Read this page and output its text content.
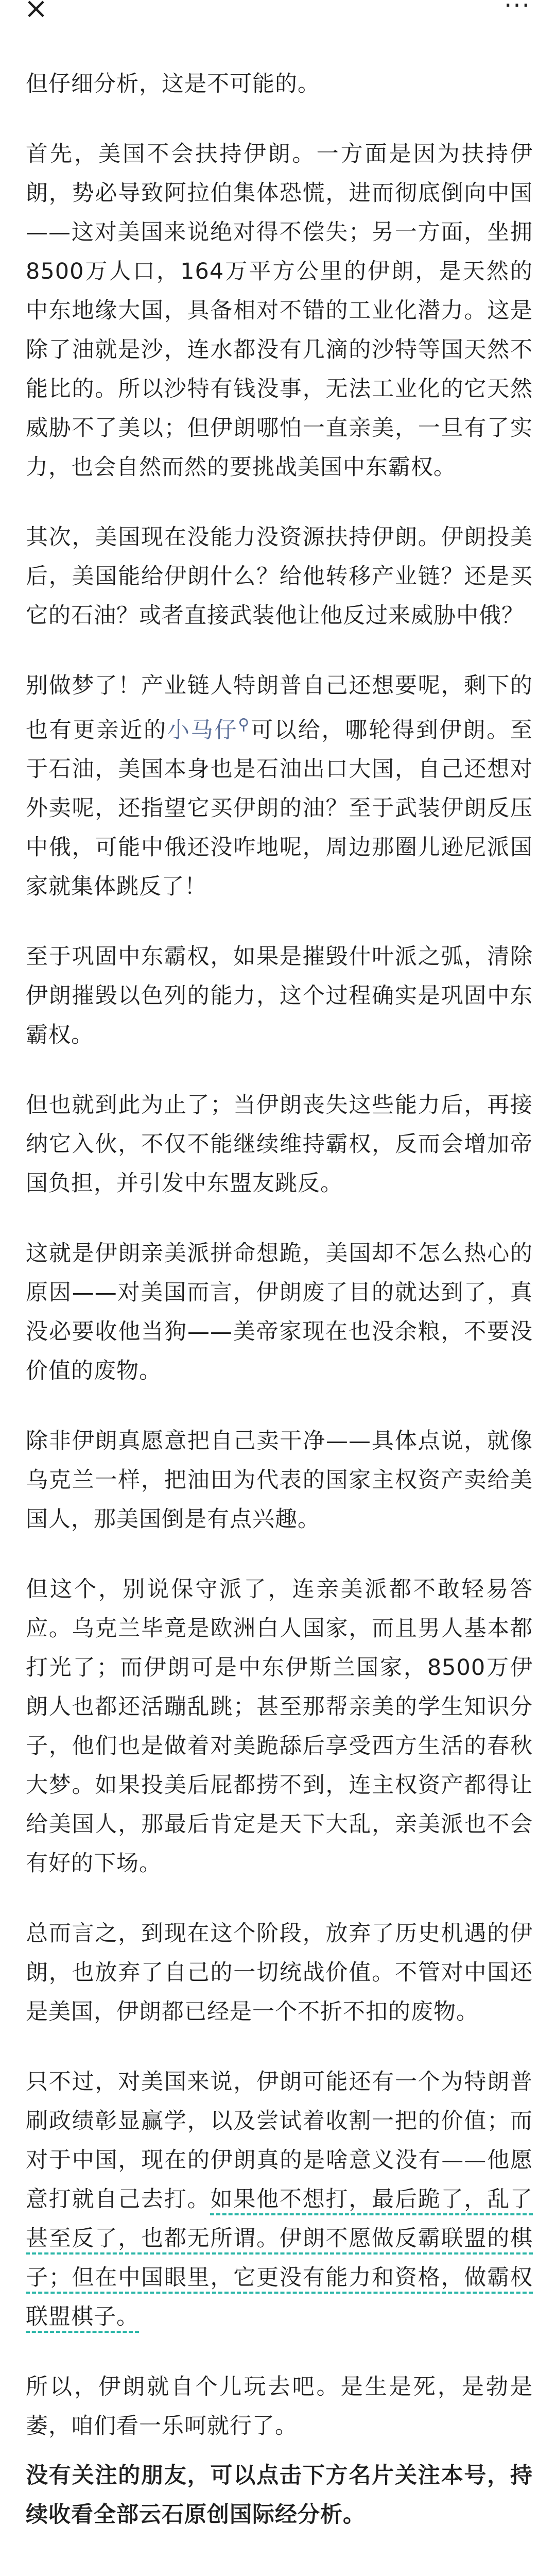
×	···

但仔细分析，这是不可能的。

首先，美国不会扶持伊朗。一方面是因为扶持伊朗，势必导致阿拉伯集体恐慌，进而彻底倒向中国——这对美国来说绝对得不偿失；另一方面，坐拥8500万人口，164万平方公里的伊朗，是天然的中东地缘大国，具备相对不错的工业化潜力。这是除了油就是沙，连水都没有几滴的沙特等国天然不能比的。所以沙特有钱没事，无法工业化的它天然威胁不了美以；但伊朗哪怕一直亲美，一旦有了实力，也会自然而然的要挑战美国中东霸权。

其次，美国现在没能力没资源扶持伊朗。伊朗投美后，美国能给伊朗什么？给他转移产业链？还是买它的石油？或者直接武装他让他反过来威胁中俄？

别做梦了！产业链人特朗普自己还想要呢，剩下的也有更亲近的小马仔⚲可以给，哪轮得到伊朗。至于石油，美国本身也是石油出口大国，自己还想对外卖呢，还指望它买伊朗的油？至于武装伊朗反压中俄，可能中俄还没咋地呢，周边那圈儿逊尼派国家就集体跳反了！

至于巩固中东霸权，如果是摧毁什叶派之弧，清除伊朗摧毁以色列的能力，这个过程确实是巩固中东霸权。

但也就到此为止了；当伊朗丧失这些能力后，再接纳它入伙，不仅不能继续维持霸权，反而会增加帝国负担，并引发中东盟友跳反。

这就是伊朗亲美派拼命想跪，美国却不怎么热心的原因——对美国而言，伊朗废了目的就达到了，真没必要收他当狗——美帝家现在也没余粮，不要没价值的废物。

除非伊朗真愿意把自己卖干净——具体点说，就像乌克兰一样，把油田为代表的国家主权资产卖给美国人，那美国倒是有点兴趣。

但这个，别说保守派了，连亲美派都不敢轻易答应。乌克兰毕竟是欧洲白人国家，而且男人基本都打光了；而伊朗可是中东伊斯兰国家，8500万伊朗人也都还活蹦乱跳；甚至那帮亲美的学生知识分子，他们也是做着对美跪舔后享受西方生活的春秋大梦。如果投美后屁都捞不到，连主权资产都得让给美国人，那最后肯定是天下大乱，亲美派也不会有好的下场。

总而言之，到现在这个阶段，放弃了历史机遇的伊朗，也放弃了自己的一切统战价值。不管对中国还是美国，伊朗都已经是一个不折不扣的废物。

只不过，对美国来说，伊朗可能还有一个为特朗普刷政绩彰显赢学，以及尝试着收割一把的价值；而对于中国，现在的伊朗真的是啥意义没有——他愿意打就自己去打。如果他不想打，最后跪了，乱了甚至反了，也都无所谓。伊朗不愿做反霸联盟的棋子；但在中国眼里，它更没有能力和资格，做霸权联盟棋子。

所以，伊朗就自个儿玩去吧。是生是死，是勃是萎，咱们看一乐呵就行了。

没有关注的朋友，可以点击下方名片关注本号，持续收看全部云石原创国际经分析。
